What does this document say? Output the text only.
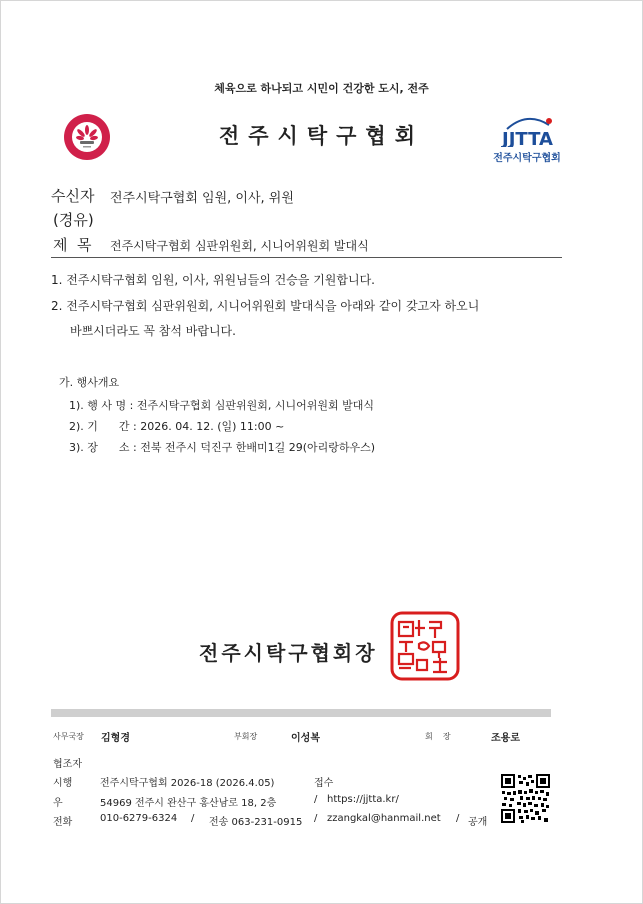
체육으로 하나되고 시민이 건강한 도시, 전주
전주시탁구협회	JJTTA
전주시탁구협회
수신자 전주시탁구협회 임원, 이사, 위원
(경유)
제  목 전주시탁구협회 심판위원회, 시니어위원회 발대식
1. 전주시탁구협회 임원, 이사, 위원님들의 건승을 기원합니다.
2. 전주시탁구협회 심판위원회, 시니어위원회 발대식을 아래와 같이 갖고자 하오니
바쁘시더라도 꼭 참석 바랍니다.
가. 행사개요
1). 행 사 명 : 전주시탁구협회 심판위원회, 시니어위원회 발대식
2). 기      간 : 2026. 04. 12. (일) 11:00 ~
3). 장      소 : 전북 전주시 덕진구 한배미1길 29(아리랑하우스)
전주시탁구협회장
사무국장 김형경	부회장	이성복	회    장	조용로
협조자
시행	전주시탁구협회 2026-18 (2026.4.05)	접수
우	54969 전주시 완산구 홍산남로 18, 2층	/ https://jjtta.kr/
전화	010-6279-6324 / 전송 063-231-0915 / zzangkal@hanmail.net / 공개
